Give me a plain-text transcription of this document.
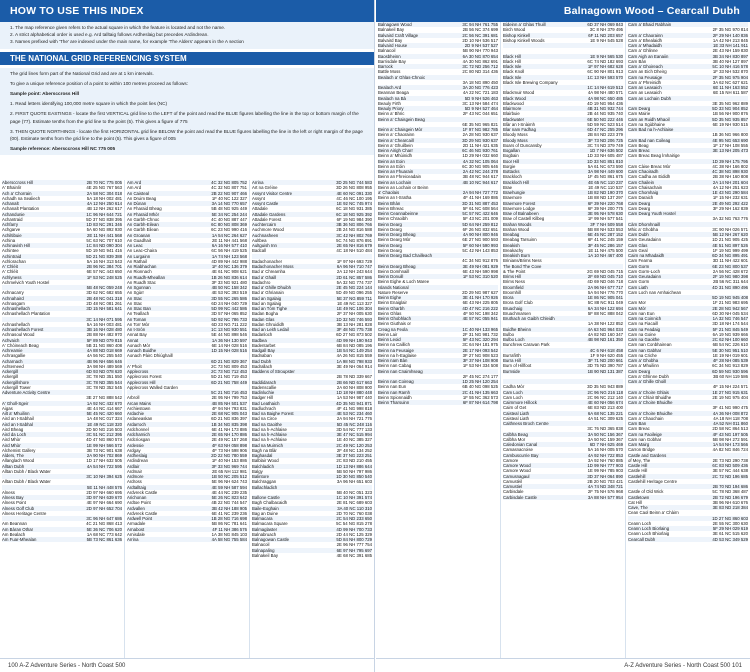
HOW TO USE THIS INDEX

1. The map reference given refers to the actual square in which the feature is located and not the name.

2. A strict alphabetical order is used e.g. Ard talltaig follows Ardheslaig but precedes Ardindrean.

3. Names prefixed with 'The' are indexed under the main name, for example 'The Alders' appears in the A section

THE NATIONAL GRID REFERENCING SYSTEM

The grid lines form part of the National Grid and are at 1 km intervals.

To give a unique reference position of a point to within 100 metres proceed as follows:

Sample point: Abersccross Hill

1. Read letters identifying 100,000 metre square in which the point lies (NC)

2. FIRST QUOTE EASTINGS - locate the first VERTICAL grid line to the LEFT of the point and read the BLUE figures labelling the line in the top or bottom margin of the page (77). Estimate tenths from the grid line to the point (5). This gives a figure of 775

3. THEN QUOTE NORTHINGS - locate the first HORIZONTAL grid line BELOW the point and read the BLUE figures labelling the line in the left or right margin of the page (00). Estimate tenths from the grid line to the point (5). This gives a figure of 005

Sample reference: Abersccross Hill NC 775 005

Abersccross Hill	2B 70 NC 775 005
A' Bhainlir	4E 25 NG 767 563
Ach a' Chorrain	2A 58 NC 304 018
Achadh na Sealiech	5A 18 NH 002 481
Achanalt	4A 12 NH 250 614
Achanalt Plantation	4B 12 NH 262 617
Achandunie	1C 96 NH 644 721
Achantraid	5D 37 NG 838 395
Achfarry	1D 83 NC 291 346
Achgarve	5A 60 NG 892 930
Achiltibuie	2E 11 NH 441 568
Achina	5C 63 NC 707 610
Achinavish Hill	1C 84 ND 090 304
Achintee	5D 19 NG 941 416
Achintraid	5D 21 NG 839 388
Achlorachan	5A 16 NH 313 543
A' Chléit	2B 96 NC 384 701
A' Chléit	6E 57 NC 443 650
Achlyness	1F 53 NC 248 525
Achmelvich Youth Hostel
5B 48 NC 059 248
Achnacarry	3D 62 NC 682 655
Achnahaird	2B 48 NC 041 318
Achnasgarn	2D 48 NC 081 261
Achnashellach	3D 15 NH 581 641
Achnashellach Plantation
3C 14 NH 071 595
Achnashellach	5A 16 NH 003 481
Achnashellach Forest	3B 16 NH 028 480
Achnasoul Wood	2B 88 NH 482 970
Achvaich	5F 89 ND 079 815
A' Chòineach Beag	5B 31 NG 860 408
Achreamie	4A 88 ND 018 669
Achrasgallie	4A 56 NC 255 540
Acharnach	4B 96 NH 656 646
Achtemeed	3A 98 NH 489 569
Ackergill	6D 93 ND 078 620
Ackergill	3C 78 ND 351 550
Ackergillshore	3C 78 ND 355 544
Ackergill Tower	3C 78 ND 352 545
Adventure Activity Centre
3E 27 NG 888 542
A' Gholl-Sgeir	1A 92 NC 432 670
Aigas	4E 44 NC 414 667
Ailt a' Mhuilinn	5E 45 NC 420 660
Aird an t-Sabhail	1A 48 NC 017 324
Aird an t-Sabhal	1E 49 NC 118 320
Aird Bheag	2D 50 NG 216 503
Aird da Loch	3C 51 NC 212 395
Aird Mhòr	4D 47 NG 860 574
Aird Mhòr	1E 99 NH 566 572
Alchemist Gallery	3B 73 NC 901 638
Alders, The	2A 90 NH 702 869
Allanglach Wood	1D 17 NH 632 505
Alltan Dubh	4A 54 NH 722 595
Alltan Dubh / Black Water
3C 10 NH 394 625
Alltan Dubh / Black Water
5E 11 NH 448 576
Alness	2D 97 NH 660 695
Alness Bay	3D 97 NH 639 670
Alness Point	4E 97 NH 664 690
Alness Golf Club	2D 97 NH 652 704
Alness Heritage Centre
3C 96 NH 647 686
Am Beannan	4C 21 NG 868 413
Am Bàran Othar	5E 36 NC 706 620
Am Bealach	1A 68 NC 773 642
Am Fuar-Mhealan	5B 73 NC 861 636
Am Ard	4C 32 NG 805 752
Am Ard	4C 32 NG 807 751
An Caisteal	2B 22 NG 907 466
An Druim Beag	1F 40 NC 122 327
An Dùnan	3A 14 NG 770 657
An Fharaid Bheag	5B 48 NG 925 449
An Fharaid Mhòr	5E 34 NC 254 244
An Garbh-Chnoc	4C 40 NG 887 447
An Garbh-Eilean	6C 80 NG 808 369
An Garbh Eilean	6C 23 NG 990 416
An Groanan	1A 54 NC 264 627
An Guadhait	2E 11 NH 441 568
An Leac	6A 16 NH 577 410
An Leac-Chaira	6C 56 NH 419 525
An Lurgainn	1A 74 NH 123 568
An Rathail	4D 89 NH 442 988
An Riabhachan	1F 40 NC 136 379
An Rionnach	4E 61 NC 908 621
An Ruadh-Mheallan	1B 26 NG 836 614
An Ruadh Stac	3F 33 NG 921 480
An Sgonnan	4B 50 NC 158 342
An Sgùrr	4E 53 NC 393 519
An Stac	3D 55 NC 265 586
An Stac	6D 24 NH 040 729
An Stac Ban	5D 99 NC 442 586
An Teallach	3D 57 NH 065 852
An Toman	5D 92 NC 786 733
An Torr Mòr	6D 23 NG 711 222
An t-Sròn	1C 13 NG 930 551
Annat Bay	5E 44 NG 898 546
Annat	1A 36 NH 130 597
Aonach Mòr	6E 14 NH 028 516
Aonach Buidhe	1D 15 NH 028 516
Aonach Pàirc Dhiùghaill
6D 21 NG 829 367
A' Phoit	2C 73 NG 809 453
Applecross	2C 73 NG 712 453
Applecross Forest	5D 21 NG 719 453
Applecross Hill	6D 21 NG 758 449
Applecross Walled Garden
5C 21 NG 716 453
Arbroll	2E 95 NH 799 753
Arcan Mains	4B 85 NH 501 537
Archiestown	4F 94 NH 793 831
Ardachie	2E 68 NC 905 043
Ardaneaskan	6D 21 NG 836 397
Ardarroch	1B 34 NG 835 398
Ardchonnel	6E 41 NH 173 886
Ardcharnich	2E 65 NH 170 886
Ardcriosgan	2E 49 NC 157 268
Ardessie	4F 63 NH 058 898
Ardgay	4F 73 NH 598 906
Ardheslaig	2D 22 NG 780 559
Ardindrean	1F 40 NH 153 886
Ardlair	3F 33 NG 969 744
Ardmair	2E 65 NH 112 981
Ardmore	1B 50 NC 205 512
Ardross	5E 96 NH 624 743
Ardtalltaig	4E 59 NH 587 594
Ardvreck Castle	4E 44 NC 239 235
Arichonan	5E 26 NC 823 642
Ardtoe Point	4B 22 NG 744 547
Ardvallen	3B 42 NH 188 905
Ardvreck Castle	6E 41 NC 239 236
Ardwell Point	1B 28 NG 716 698
Armadale	5B 86 NC 781 641
Arnabost	4F 11 NH 386 576
Arnisdale	1A 38 NG 845 103
Arrina	4A 58 NG 755 584
Arrina	3D 25 NG 744 583
Art na Gréine	3D 26 NG 808 955
Assynt Visitor Centre	4E 60 NC 091 330
Assynt	4C 46 NC 100 195
Assynt Castle	1E 92 NC 745 974
Attadale	6C 18 NG 931 385
Attadale Gardens	6C 18 NG 925 392
Attadale Forest	6F 19 NG 984 390
Auchtercairn	3B 36 NG 806 766
Auchmore Wood	2B 24 NG 816 588
Auchnasheen	3C 42 NH 802 769
Aultbea	5C 74 NG 876 891
Aultguish Inn	2E 65 NH 816 679
Badcall	4C 18 NH 510 484
Badachonacher	1F 97 NH 693 729
Badachonacher Moss	6A 96 NH 710 747
Bad a' Chreamha	2A 12 NH 243 644
Bad a' Ghaill	2D 61 NC 857 586
Badachro	5A 32 NG 774 737
Bad a' Ghille Dhuibh	2E 45 NG 224 144
Bad a' Ghrianain	5D 49 NG 096 255
Bad an Sgalaig	5E 37 NG 859 711
Bad an Sgalaig	1E 49 NC 113 327
Bad an Tòm Tighe	1E 49 NC 106 304
Badan Bogha	2F 37 NH 005 630
Badan Glas	1D 32 NG 746 593
Badan Ghruididh	3B 13 NH 281 828
Bad an Leith Ledail	3F 48 NG 775 738
Badanloch	6D 27 NG 873 502
Badbea	4D 99 NH 190 943
Badentarbet	6B 84 ND 085 196
Badgall Bay	1B 54 NC 149 254
Badnaban	4A 26 NG 815 559
Bad Dubh	1A 98 NG 798 933
Badrallach	3E 49 NH 064 914
Baddens of Stroupster
2B 78 ND 339 667
Baddidarach	2B 66 ND 617 663
Badenscallie	2A 60 NH 808 900
Badinluchie	1D 18 NH 880 448
Badger Hill	1A 53 NH 987 440
Bad Leathaich	4D 35 NG 941 871
Badluchrach	4F 41 NG 998 818
Bad na Baighe Forest	4E 53 NC 234 460
Bad na Circe	2A 94 NH 721 776
Bad na Gaoithe	5D 45 NC 248 116
Bad na h-Achlaise	3D 54 NC 777 133
Bad na h-Achlaise	3E 47 NC 515 994
Bad na h-Achlaise	1E 40 NC 385 327
Bad na Muirnich	2C 49 NC 120 253
Bagh na Blàr	2F 48 NC 134 252
Baghasdal	3E 37 NG 223 251
Balblair Wood	2C 83 ND 210 455
Balchladich	1D 13 NH 886 644
Balgy	5B 50 NH 797 986
Balintore	1D 30 NG 850 540
Balchraggan	3A 96 NH 651 603
Ballachladich
5B 40 NC 051 323
Ballone Castle	1C 10 NH 391 574
Bagh Chalbacaidh	2E 81 NC 689 603
Baile-Eoghain	3A 40 NC 110 310
Bag an Duine	2D 70 NC 760 038
Balmacara	2C 54 ND 233 650
Balmacara Square	5C 54 NG 815 278
Balmaglaster	4D 99 NH 700 733
Balnabruach	2D 44 NC 125 329
Balnagowan Castle	5D 84 NH 800 729
Balnacoil	2E 96 NH 777 754
Balnapaling	6E 97 NH 795 697
Balnakeil Bay	4E 68 NC 391 685
100 A-Z Adventure Series - North Coast 500
Balnagown Wood – Cearcall Dubh
Balnagown Wood	3C 94 NH 761 755
Balnakeil Bay	2B 56 NC 374 699
Balvaird Craft Village	2C 56 NC 391 681
Balvaird Bay	2D 10 NH 536 517
Balvaird House	2D 9 NH 537 527
Balnacoil	5B 90 NH 770 943
Baosbheinn	6A 30 NG 870 654
Barrisdale Bay	4A 30 NG 862 691
Barrock	3C 72 ND 256 712
Battle Moss	2C 80 ND 314 436
Bealach a' Ghlas-Chnoic
3A 18 NG 890 450
Bealach Ard	3A 20 NG 776 423
Beannan Beaga	4A 22 NC 721 183
Bealach na Bà	5D 9 NH 526 463
Beauly Firth	3C 13 NH 584 474
Beauly Priory	5D 9 NH 527 464
Beinn a' Bhric	2F 43 NC 044 651
Beinn a' Chaisgein Beag
6E 35 NG 965 821
Beinn a' Chaisgein Mòr	1F 97 NG 982 785
Beinn a' Chaorainn	2A 28 NG 930 637
Beinn a' Chearcaill	3D 29 NG 930 637
Beinn a' Ghuilbein	2D 11 NH 421 635
Beinn Airigh Charr	6C 46 NG 930 761
Beinn a' Mhùinidh	1D 29 NH 032 660
Beinn an Eoin	4A 32 NC 105 064
Beinn an Eòin	6C 30 NG 905 646
Beinn an Fhuarain	2A 42 NC 244 378
Beinn an Fhreiceadain	3B 48 NC 944 617
Beinn an Lochain	4B 10 NC 944 617
Beinn an Lochain or Beinn
a' Chaolais	2A 94 NH 727 772
Beinn an t-Sratha	4F 41 NH 169 886
Beinn Bhàn	3D 31 NG 887 453
Beinn Bhreac	5F 61 NC 608 564
Beinn Ceannabeinne	5C 57 NC 422 646
Beinn Chraoibh	5F 43 NC 201 009
Beinn Dearg	5D 64 NH 259 812
Beinn Dearg	6F 26 NG 832 651
Beinn Dearg Bheag	4A 90 NH 800 946
Beinn Dearg Mòr	6E 27 NG 900 593
Beinn Dearg	5F 60 NH 590 993
Beinn Dearg	5C 42 NH 143 853
Beinn Dearg Bad Chailleach
4C 34 NG 912 876
Beinn Dearg Bheag	3E 49 NH 081 929
Beinn Domhnaill	6E 43 NH 590 998
Beinn Donuill	1F 53 NC 310 520
Beinn Eighe & Loch Maree
Islands National
Nature Reserve	2D 29 NG 987 627
Beinn Eighe	3E 41 NH 170 926
Beinn Enaiglair	6E 43 NH 225 805
Beinn Gharbh	4D 47 NC 216 222
Beinn Ghlas	4F 50 NC 198 342
Beinn Ghobhlach	4E 57 NC 055 941
Beinn Giuthais or
Creag na Feola	1C 40 NH 133 965
Beinn Lair	2F 31 NG 981 732
Beinn Leoid	5F 43 NC 320 294
Beinn na Caillich	3C 64 NH 181 975
Beinn na Feusaige	2E 17 NH 093 542
Beinn na h-Eaglaise	3F 27 NG 908 523
Beinn nam Bàn	3F 37 NH 108 908
Beinn nan Cabag	1F 53 NH 334 508
Beinn nan Cnaimhseag
2F 45 NC 274 177
Beinn nan Coireag	1D 25 NH 120 254
Beinn nan Eun	6B 40 NG 098 525
Beinn nan Ramh	2C 41 NH 135 663
Beinn Spionnaidh	1F 55 NC 362 573
Beinn Tharsuinn	6F 87 NH 614 798
Bideinn a' Ghlas Thuill	6D 37 NH 069 843
Birch Wood	3C 8 NH 379 495
Bishop Kinkell	6F 11 ND 203 657
Bishop Kinkell Woods	1E 9 NH 545 528
Black Hill	1E 9 NH 565 530
Black Hill	6C 74 ND 182 693
Black Isle	1F 97 NH 682 628
Black Knoll	6C 90 NH 801 913
Black Isle	1C 13 NH 593 570
Black Isle Brewing Company
1C 14 NH 619 513
Blackmuir Wood	4A 98 NH 480 571
Black Wood	4A 98 NC 650 485
Blackwood	4D 19 NG 954 436
Blairmore	4B 31 NG 932 744
Blairbuie	2B 44 NG 935 740
Blackwater	6E 50 NG 222 446
Blàr an t-Snàimh	5D 59 NC 523 514
Blar nam Fadhag	6D 47 NC 255 296
Bloody Moss	2B 84 ND 223 379
Bloody Moss	3F 73 ND 206 725
Boars of Duncansby	3C 74 ND 379 749
Bogallan	1D 7 NH 636 502
Bogbain	1D 33 NH 605 487
Boor Hill	1D 33 NG 851 810
Borgie	5A 61 NC 673 590
Bottacks	3A 98 NH 449 600
Brackloch	1F 45 NG 861 675
Brackloch Hill	4E 65 NC 110 237
Brae	1E 49 NC 110 537
Braehungie	1B 82 ND 190 370
Braemore	1B 88 ND 137 297
Braemore Forest	6F 39 NH 220 768
Braemore Lodge	6F 39 NH 200 775
Brae of Balnabeen	3E 95 NH 578 630
Brae of Castell Kilbeg	1F 99 NH 577 541
Brahan Woods	3F 7 NH 509 558
Brahan Wood	5B 88 NH 533 553
Breabag	6E 45 NC 287 152
Breabag Tarsuinn	6F 41 NC 245 159
Breakish	3F 45 NC 286 157
Breakachy	1E 11 NH 475 500
Breakish Burn	1A 10 NH 467 400
Brinians/Brims Ness
The Bond The Cove
& The Point	2G 69 ND 045 715
Brims Hill	2F 69 ND 045 710
Brims Ness	4D 69 ND 046 718
Broomfield	2A 96 NH 677 717
Broomhill	5A 94 NH 776 770
Brora	1E 86 NC 905 041
Brora Golf Club	5C 88 NC 911 049
Bruachaig	6A 34 NH 122 694
Bruachmarsen	5F 88 NC 888 042
Bruthach an Gaibh Chleidh
1A 38 NH 122 852
Buidhe Bheinn	4A 63 NG 964 034
Bulbo	4A 82 ND 160 347
Bulbo Loch	4B 98 ND 161 350
Bunchrew Caravan Park
4C 6 NH 618 458
Burrafirth	1F 9 NH 620 455
Burra Hill	3F 71 ND 200 661
Burn of Hillfoot	3D 75 ND 390 787
Burnside	1B 90 ND 131 387
Cadha Mòr	3D 35 NG 943 889
Cam Loch	2C 96 NG 216 118
Cam Loch	2C 96 NC 212 140
Cairnmore Hillock	4E 60 NH 056 674
Cairn of Get	6E 83 ND 213 400
Caisteal Liath	6A 68 NC 135 221
Caisteal Liath	4A 51 NC 309 625
Caithness Broch Centre
3C 76 ND 365 838
Calbha Beag	3A 50 NC 156 367
Calbha Mor	3A 50 NC 159 367
Caledonian Canal	6D 7 NH 625 469
Camasnacroise	5A 16 NH 005 570
Cambuscurrie Bay	4A 92 NH 722 853
Camore	3A 92 NH 760 885
Camore Wood	1D 99 NH 777 903
Camore Wood	1E 99 NH 785 903
Camusnagaul	3D 37 NH 064 890
Camustèil	2B 20 NG 703 421
Camustiel	4A 74 ND 348 721
Carbisdale	2F 75 NH 576 968
Carbisdale Castle	3A 88 NH 577 954
Carn a' Bhaid Rabhain
2F 35 NG 970 814
Carn a' Chaorainn	2F 29 NH 140 836
Carn a' Bhealaidh	1A 42 NH 213 845
Carn a' Mhadaidh	1E 33 NH 141 911
Carn a' Ghlinne	2E 43 NH 159 830
Carn Aigh an Eanaiin	3B 34 NH 830 897
Carn Bàn	3B 40 NH 127 897
Carn a' Ghoireach	5C 10 NH 416 578
Carn an Eich Dheirg	1F 33 NH 532 870
Carn na Feusaige	2F 35 NG 975 904
Carn a' Phreinidh	3A 62 NC 627 621
Carn an Leasaich	6E 11 NH 163 552
Carn an Leasaich	6E 15 NH 611 587
Carn an Lochain Dubh
3E 35 NG 962 889
Carn Dearg	5D 33 NG 904 852
Carn Mairie	1B 56 NH 900 876
Carn an Ruidh Mhaoil	5D 35 NG 935 857
Carn na Sgùbhaine	6E 19 NH 930 515
Carn Bad na h-Achlaise
1B 36 NG 966 800
Carn Bad nan Coileag	4E 95 NG 653 690
Carn Beag	1F 17 NH 108 555
Carn Breac	3E 13 NH 205 473
Carn Breac Beag Ìmhairige
1D 39 NH 175 795
Carn Càise Breac Mòr	4C 38 NH 166 802
Carn Chaoiradh	4C 38 NG 898 930
Carn Cadha an Eididh	2B 38 NH 160 808
Carn Chailein	2A 14 NH 201 604
Carn Chaisachain	4A 12 NH 251 623
Carn Chomhaig	1E 43 NG 290 584
Carn Daraich	1F 15 NH 232 631
Carn Dearg	2E 49 NG 292 422
Carn Dearg	3F 29 NH 162 839
Carn Dearg Youth Hostel
3A 32 NG 763 776
Càrn Dhomhnaill
Mhic a' Ghobha	3C 90 NH 026 571
Carn Dubh	5B 12 NH 267 620
Carn Geuradainn	1D 21 NG 905 425
Carn Glas	4E 51 NG 897 526
Carn Geal	1F 19 NG 999 499
Cairn na Mhadaidh	6D 34 NG 895 491
Carn Fearna	3D 11 NH 422 601
Carn Gorm	6E 23 NG 800 537
Carn Gorm-Loch	2A 56 NC 428 672
Carn Geuradainn	2F 19 NG 980 398
Carn Gorm	2B 56 NC 311 644
Carn Liath	4D 31 NG 890 496
Carn Loch nan Amhaichean
5D 19 NG 945 408
Carn Mor	1F 21 NG 983 695
Carn Mòr	2E 28 NG 942 567
Carn nan Eun	6D 30 NH 045 534
Carn na Coinnich	1A 32 NG 746 547
Carn na Fiacaill	3D 18 NH 174 544
Carn na Feadaig	5F 21 NG 845 549
Carn na Goine	6A 19 NG 939 666
Carn na Gaoithe	2C 62 NH 100 660
Carn nan Conbhairean	6B 54 NC 226 610
Carn nan Gabhar	5E 30 NG 951 510
Carn na Criche	1E 19 NH 019 601
Carn a' Ghobha	4F 28 NH 085 539
Carn a' Mhuilinn	6C 34 NG 913 829
Carn Dearg	6D 59 NG 930 596
Cam a' Ghlinne Dubh	3B 60 NH 119 586
Carn a' Ghille Ghoill
4F 15 NH 224 571
Carn a' Choire Ghlais	1E 27 NG 915 631
Carn a' Chlair Bhuidhe	2E 19 NG 975 404
Carn a' Choire Bhuidhe
3F 41 NG 990 475
Carn a' Choire Bhuidhe	4A 36 NH 008 872
Carn a' Chaochain	4A 18 NH 118 708
Carn Ban	4A 52 NH 011 860
Carn Breac	2D 58 NC 864 513
Carn na Faoileige	4F 43 NG 197 505
Carn nan Gobhar	5B 98 NH 272 591
Carn Mairg	1A 54 NH 173 566
Carron Bridge	4A 82 NG 846 724
Castle and Gardens
of Mey, The	2E 73 ND 290 738
Castle Hill	6C 83 ND 509 436
Castle Hill	3E 57 NC 444 638
Castlehill	2C 72 ND 196 685
Castlehill Heritage Centre
2B 70 ND 194 686
Castle of Old Wick	5C 78 ND 368 487
Castletown	2B 72 ND 196 679
Cat Hill	3B 96 NH 610 676
Cave, The	3E 83 ND 218 384
Cean Caol Beinn a' Chàirn
1D 27 NG 860 603
Ceann Loch	2E 55 NC 300 630
Ceann Loch Biorlaing	5F 29 NH 029 619
Ceann Loch Bhiorlaig	3E 61 NC 515 620
Cearcall Dubh	4D 53 NC 349 529
A-Z Adventure Series - North Coast 500 101
